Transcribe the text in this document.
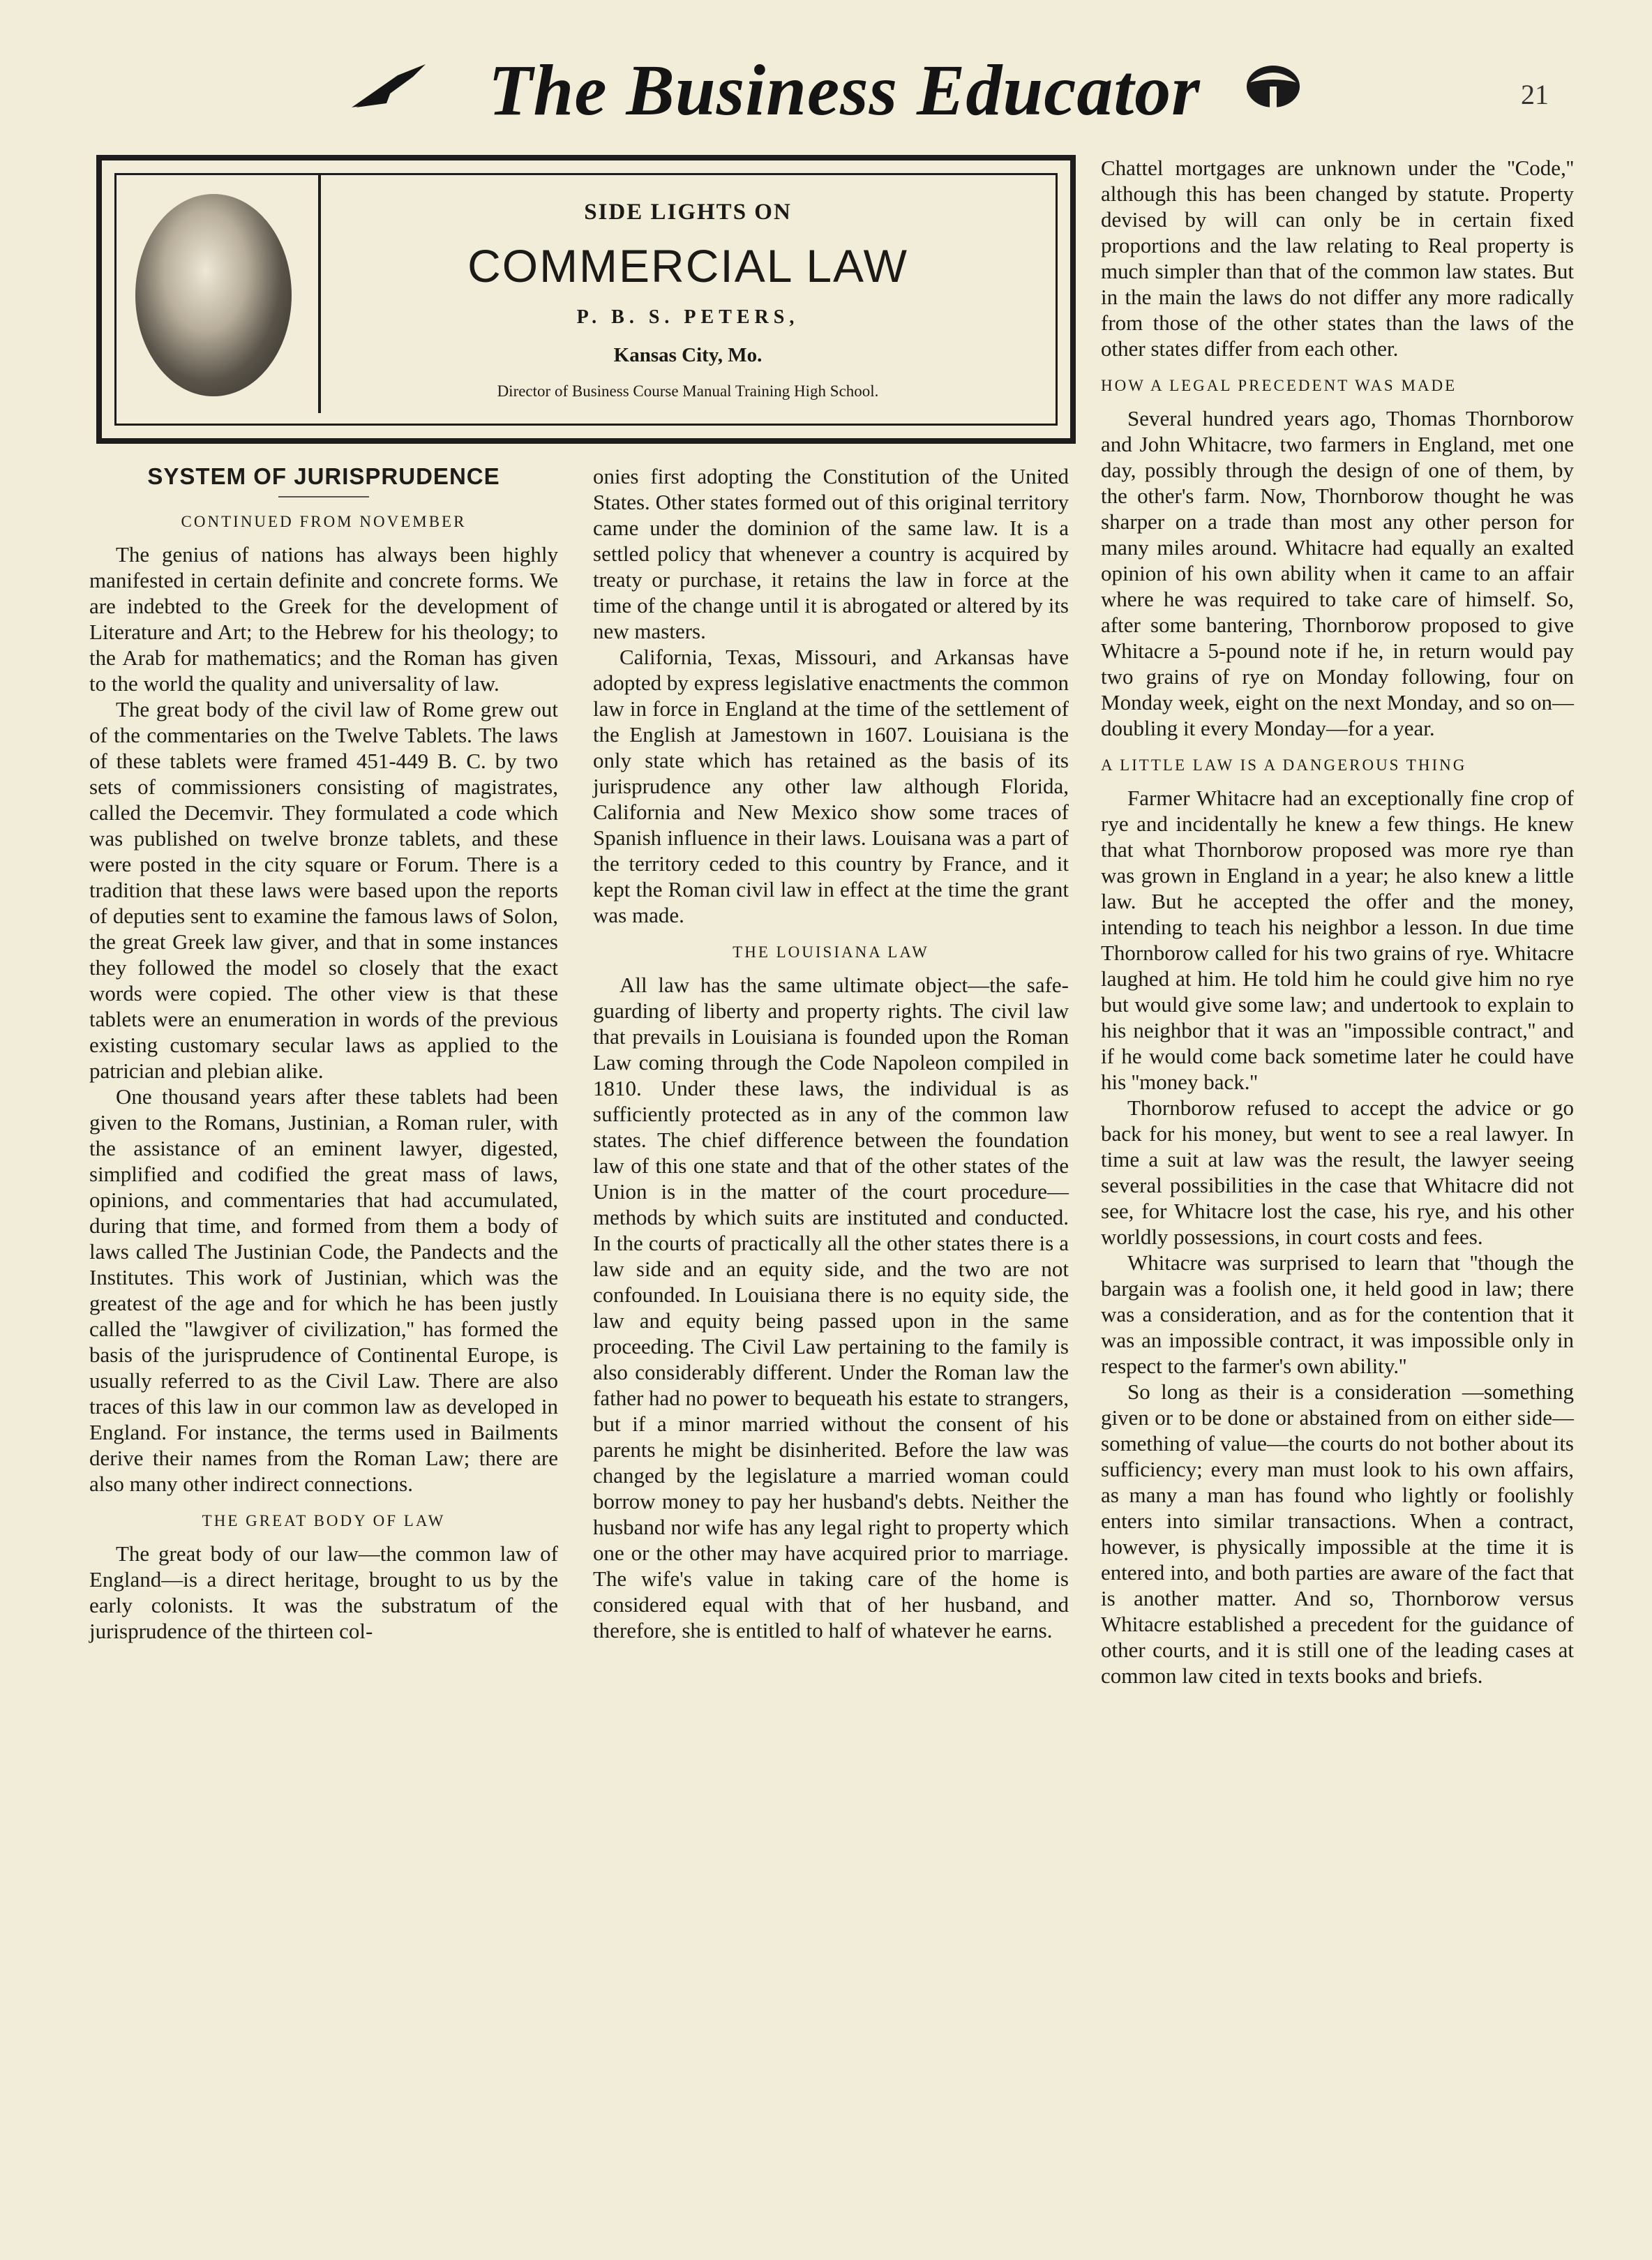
The Business Educator	21
SIDE LIGHTS ON
COMMERCIAL LAW
P. B. S. PETERS,
Kansas City, Mo.
Director of Business Course Manual Training High School.
SYSTEM OF JURISPRUDENCE
CONTINUED FROM NOVEMBER

The genius of nations has always been highly manifested in certain definite and concrete forms. We are indebted to the Greek for the development of Literature and Art; to the Hebrew for his theology; to the Arab for mathematics; and the Roman has given to the world the quality and universality of law.

The great body of the civil law of Rome grew out of the commentaries on the Twelve Tablets. The laws of these tablets were framed 451-449 B. C. by two sets of commissioners consisting of magistrates, called the Decemvir. They formulated a code which was published on twelve bronze tablets, and these were posted in the city square or Forum. There is a tradition that these laws were based upon the reports of deputies sent to examine the famous laws of Solon, the great Greek law giver, and that in some instances they followed the model so closely that the exact words were copied. The other view is that these tablets were an enumeration in words of the previous existing customary secular laws as applied to the patrician and plebian alike.

One thousand years after these tablets had been given to the Romans, Justinian, a Roman ruler, with the assistance of an eminent lawyer, digested, simplified and codified the great mass of laws, opinions, and commentaries that had accumulated, during that time, and formed from them a body of laws called The Justinian Code, the Pandects and the Institutes. This work of Justinian, which was the greatest of the age and for which he has been justly called the ''lawgiver of civilization,'' has formed the basis of the jurisprudence of Continental Europe, is usually referred to as the Civil Law. There are also traces of this law in our common law as developed in England. For instance, the terms used in Bailments derive their names from the Roman Law; there are also many other indirect connections.

THE GREAT BODY OF LAW

The great body of our law—the common law of England—is a direct heritage, brought to us by the early colonists. It was the substratum of the jurisprudence of the thirteen col-

onies first adopting the Constitution of the United States. Other states formed out of this original territory came under the dominion of the same law. It is a settled policy that whenever a country is acquired by treaty or purchase, it retains the law in force at the time of the change until it is abrogated or altered by its new masters.

California, Texas, Missouri, and Arkansas have adopted by express legislative enactments the common law in force in England at the time of the settlement of the English at Jamestown in 1607. Louisiana is the only state which has retained as the basis of its jurisprudence any other law although Florida, California and New Mexico show some traces of Spanish influence in their laws. Louisana was a part of the territory ceded to this country by France, and it kept the Roman civil law in effect at the time the grant was made.

THE LOUISIANA LAW

All law has the same ultimate object—the safe-guarding of liberty and property rights. The civil law that prevails in Louisiana is founded upon the Roman Law coming through the Code Napoleon compiled in 1810. Under these laws, the individual is as sufficiently protected as in any of the common law states. The chief difference between the foundation law of this one state and that of the other states of the Union is in the matter of the court procedure—methods by which suits are instituted and conducted. In the courts of practically all the other states there is a law side and an equity side, and the two are not confounded. In Louisiana there is no equity side, the law and equity being passed upon in the same proceeding. The Civil Law pertaining to the family is also considerably different. Under the Roman law the father had no power to bequeath his estate to strangers, but if a minor married without the consent of his parents he might be disinherited. Before the law was changed by the legislature a married woman could borrow money to pay her husband's debts. Neither the husband nor wife has any legal right to property which one or the other may have acquired prior to marriage. The wife's value in taking care of the home is considered equal with that of her husband, and therefore, she is entitled to half of whatever he earns.

Chattel mortgages are unknown under the ''Code,'' although this has been changed by statute. Property devised by will can only be in certain fixed proportions and the law relating to Real property is much simpler than that of the common law states. But in the main the laws do not differ any more radically from those of the other states than the laws of the other states differ from each other.

HOW A LEGAL PRECEDENT WAS MADE

Several hundred years ago, Thomas Thornborow and John Whitacre, two farmers in England, met one day, possibly through the design of one of them, by the other's farm. Now, Thornborow thought he was sharper on a trade than most any other person for many miles around. Whitacre had equally an exalted opinion of his own ability when it came to an affair where he was required to take care of himself. So, after some bantering, Thornborow proposed to give Whitacre a 5-pound note if he, in return would pay two grains of rye on Monday following, four on Monday week, eight on the next Monday, and so on—doubling it every Monday—for a year.

A LITTLE LAW IS A DANGEROUS THING

Farmer Whitacre had an exceptionally fine crop of rye and incidentally he knew a few things. He knew that what Thornborow proposed was more rye than was grown in England in a year; he also knew a little law. But he accepted the offer and the money, intending to teach his neighbor a lesson. In due time Thornborow called for his two grains of rye. Whitacre laughed at him. He told him he could give him no rye but would give some law; and undertook to explain to his neighbor that it was an ''impossible contract,'' and if he would come back sometime later he could have his ''money back.''

Thornborow refused to accept the advice or go back for his money, but went to see a real lawyer. In time a suit at law was the result, the lawyer seeing several possibilities in the case that Whitacre did not see, for Whitacre lost the case, his rye, and his other worldly possessions, in court costs and fees.

Whitacre was surprised to learn that ''though the bargain was a foolish one, it held good in law; there was a consideration, and as for the contention that it was an impossible contract, it was impossible only in respect to the farmer's own ability.''

So long as their is a consideration —something given or to be done or abstained from on either side—something of value—the courts do not bother about its sufficiency; every man must look to his own affairs, as many a man has found who lightly or foolishly enters into similar transactions. When a contract, however, is physically impossible at the time it is entered into, and both parties are aware of the fact that is another matter. And so, Thornborow versus Whitacre established a precedent for the guidance of other courts, and it is still one of the leading cases at common law cited in texts books and briefs.
